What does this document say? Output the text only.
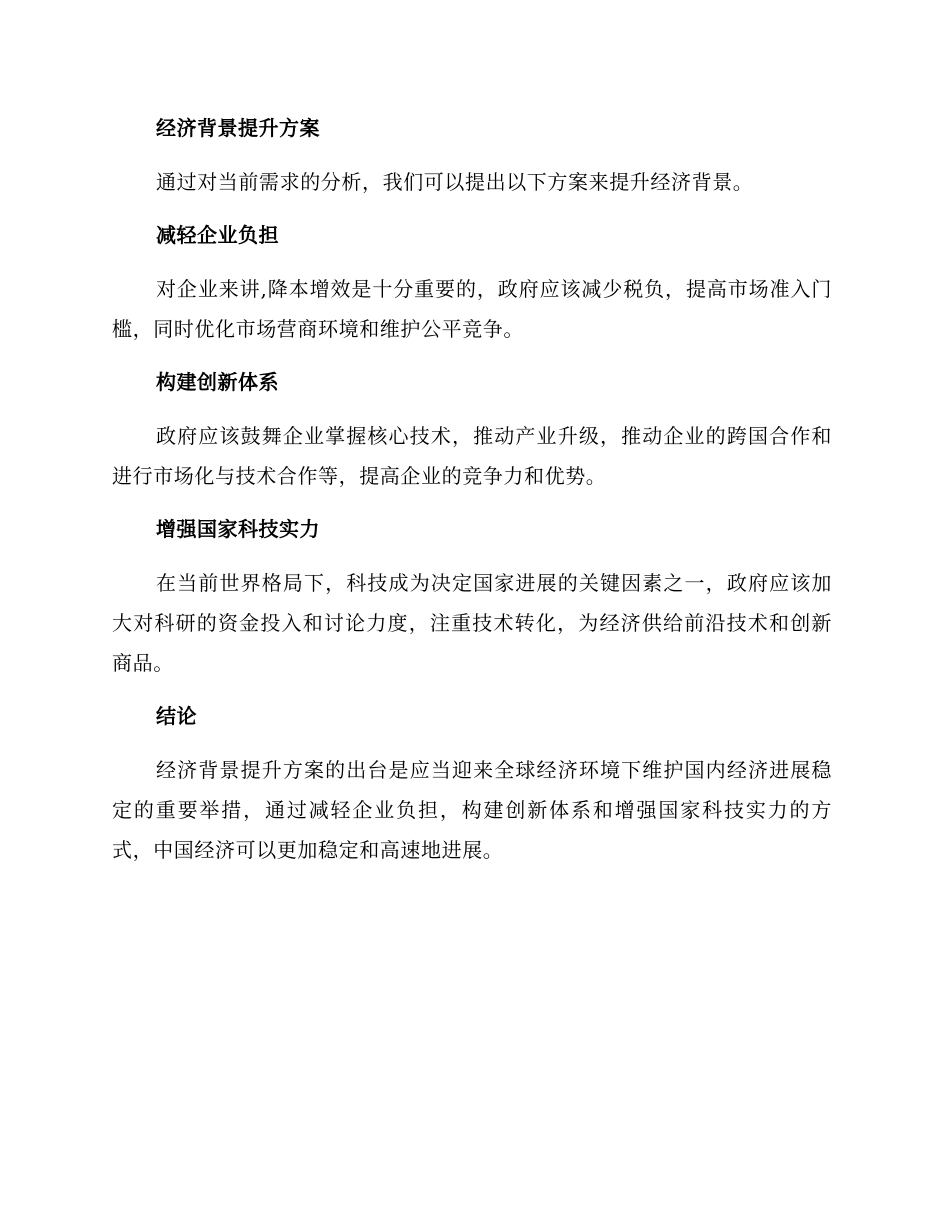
经济背景提升方案

通过对当前需求的分析，我们可以提出以下方案来提升经济背景。

减轻企业负担

对企业来讲,降本增效是十分重要的，政府应该减少税负，提高市场准入门槛，同时优化市场营商环境和维护公平竞争。

构建创新体系

政府应该鼓舞企业掌握核心技术，推动产业升级，推动企业的跨国合作和进行市场化与技术合作等，提高企业的竞争力和优势。

增强国家科技实力

在当前世界格局下，科技成为决定国家进展的关键因素之一，政府应该加大对科研的资金投入和讨论力度，注重技术转化，为经济供给前沿技术和创新商品。

结论

经济背景提升方案的出台是应当迎来全球经济环境下维护国内经济进展稳定的重要举措，通过减轻企业负担，构建创新体系和增强国家科技实力的方式，中国经济可以更加稳定和高速地进展。
